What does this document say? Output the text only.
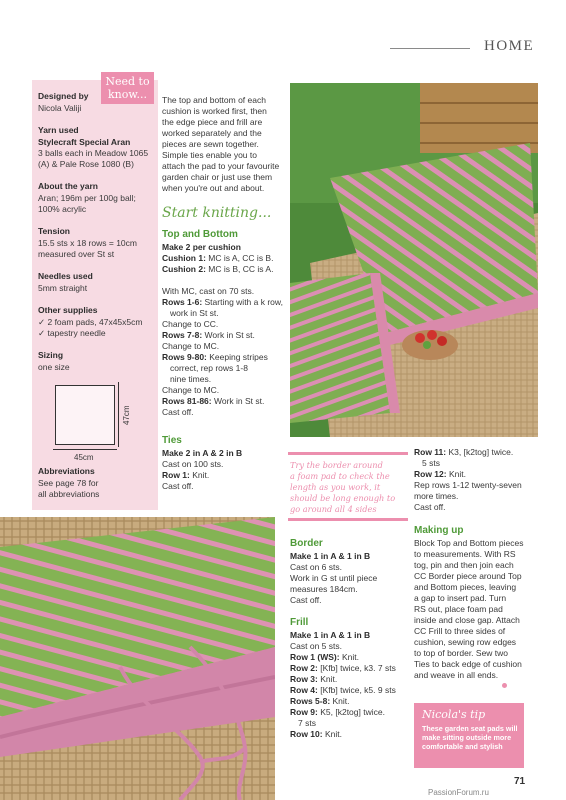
HOME
Need to
know...
Designed by
Nicola Valiji
Yarn used
Stylecraft Special Aran
3 balls each in Meadow 1065
(A) & Pale Rose 1080 (B)
About the yarn
Aran; 196m per 100g ball;
100% acrylic
Tension
15.5 sts x 18 rows = 10cm
measured over St st
Needles used
5mm straight
Other supplies
✓ 2 foam pads, 47x45x5cm
✓ tapestry needle
Sizing
one size
47cm
45cm
Abbreviations
See page 78 for
all abbreviations
The top and bottom of each
cushion is worked first, then
the edge piece and frill are
worked separately and the
pieces are sewn together.
Simple ties enable you to
attach the pad to your favourite
garden chair or just use them
when you're out and about.
Start knitting...
Top and Bottom
Make 2 per cushion
Cushion 1: MC is A, CC is B.
Cushion 2: MC is B, CC is A.
With MC, cast on 70 sts.
Rows 1-6: Starting with a k row,
work in St st.
Change to CC.
Rows 7-8: Work in St st.
Change to MC.
Rows 9-80: Keeping stripes
correct, rep rows 1-8
nine times.
Change to MC.
Rows 81-86: Work in St st.
Cast off.
Ties
Make 2 in A & 2 in B
Cast on 100 sts.
Row 1: Knit.
Cast off.
Try the border around
a foam pad to check the
length as you work, it
should be long enough to
go around all 4 sides
Border
Make 1 in A & 1 in B
Cast on 6 sts.
Work in G st until piece
measures 184cm.
Cast off.
Frill
Make 1 in A & 1 in B
Cast on 5 sts.
Row 1 (WS): Knit.
Row 2: [Kfb] twice, k3. 7 sts
Row 3: Knit.
Row 4: [Kfb] twice, k5. 9 sts
Rows 5-8: Knit.
Row 9: K5, [k2tog] twice.
7 sts
Row 10: Knit.
Row 11: K3, [k2tog] twice.
5 sts
Row 12: Knit.
Rep rows 1-12 twenty-seven
more times.
Cast off.
Making up
Block Top and Bottom pieces
to measurements. With RS
tog, pin and then join each
CC Border piece around Top
and Bottom pieces, leaving
a gap to insert pad. Turn
RS out, place foam pad
inside and close gap. Attach
CC Frill to three sides of
cushion, sewing row edges
to top of border. Sew two
Ties to back edge of cushion
and weave in all ends.
Nicola's tip
These garden seat pads will
make sitting outside more
comfortable and stylish
71
PassionForum.ru
